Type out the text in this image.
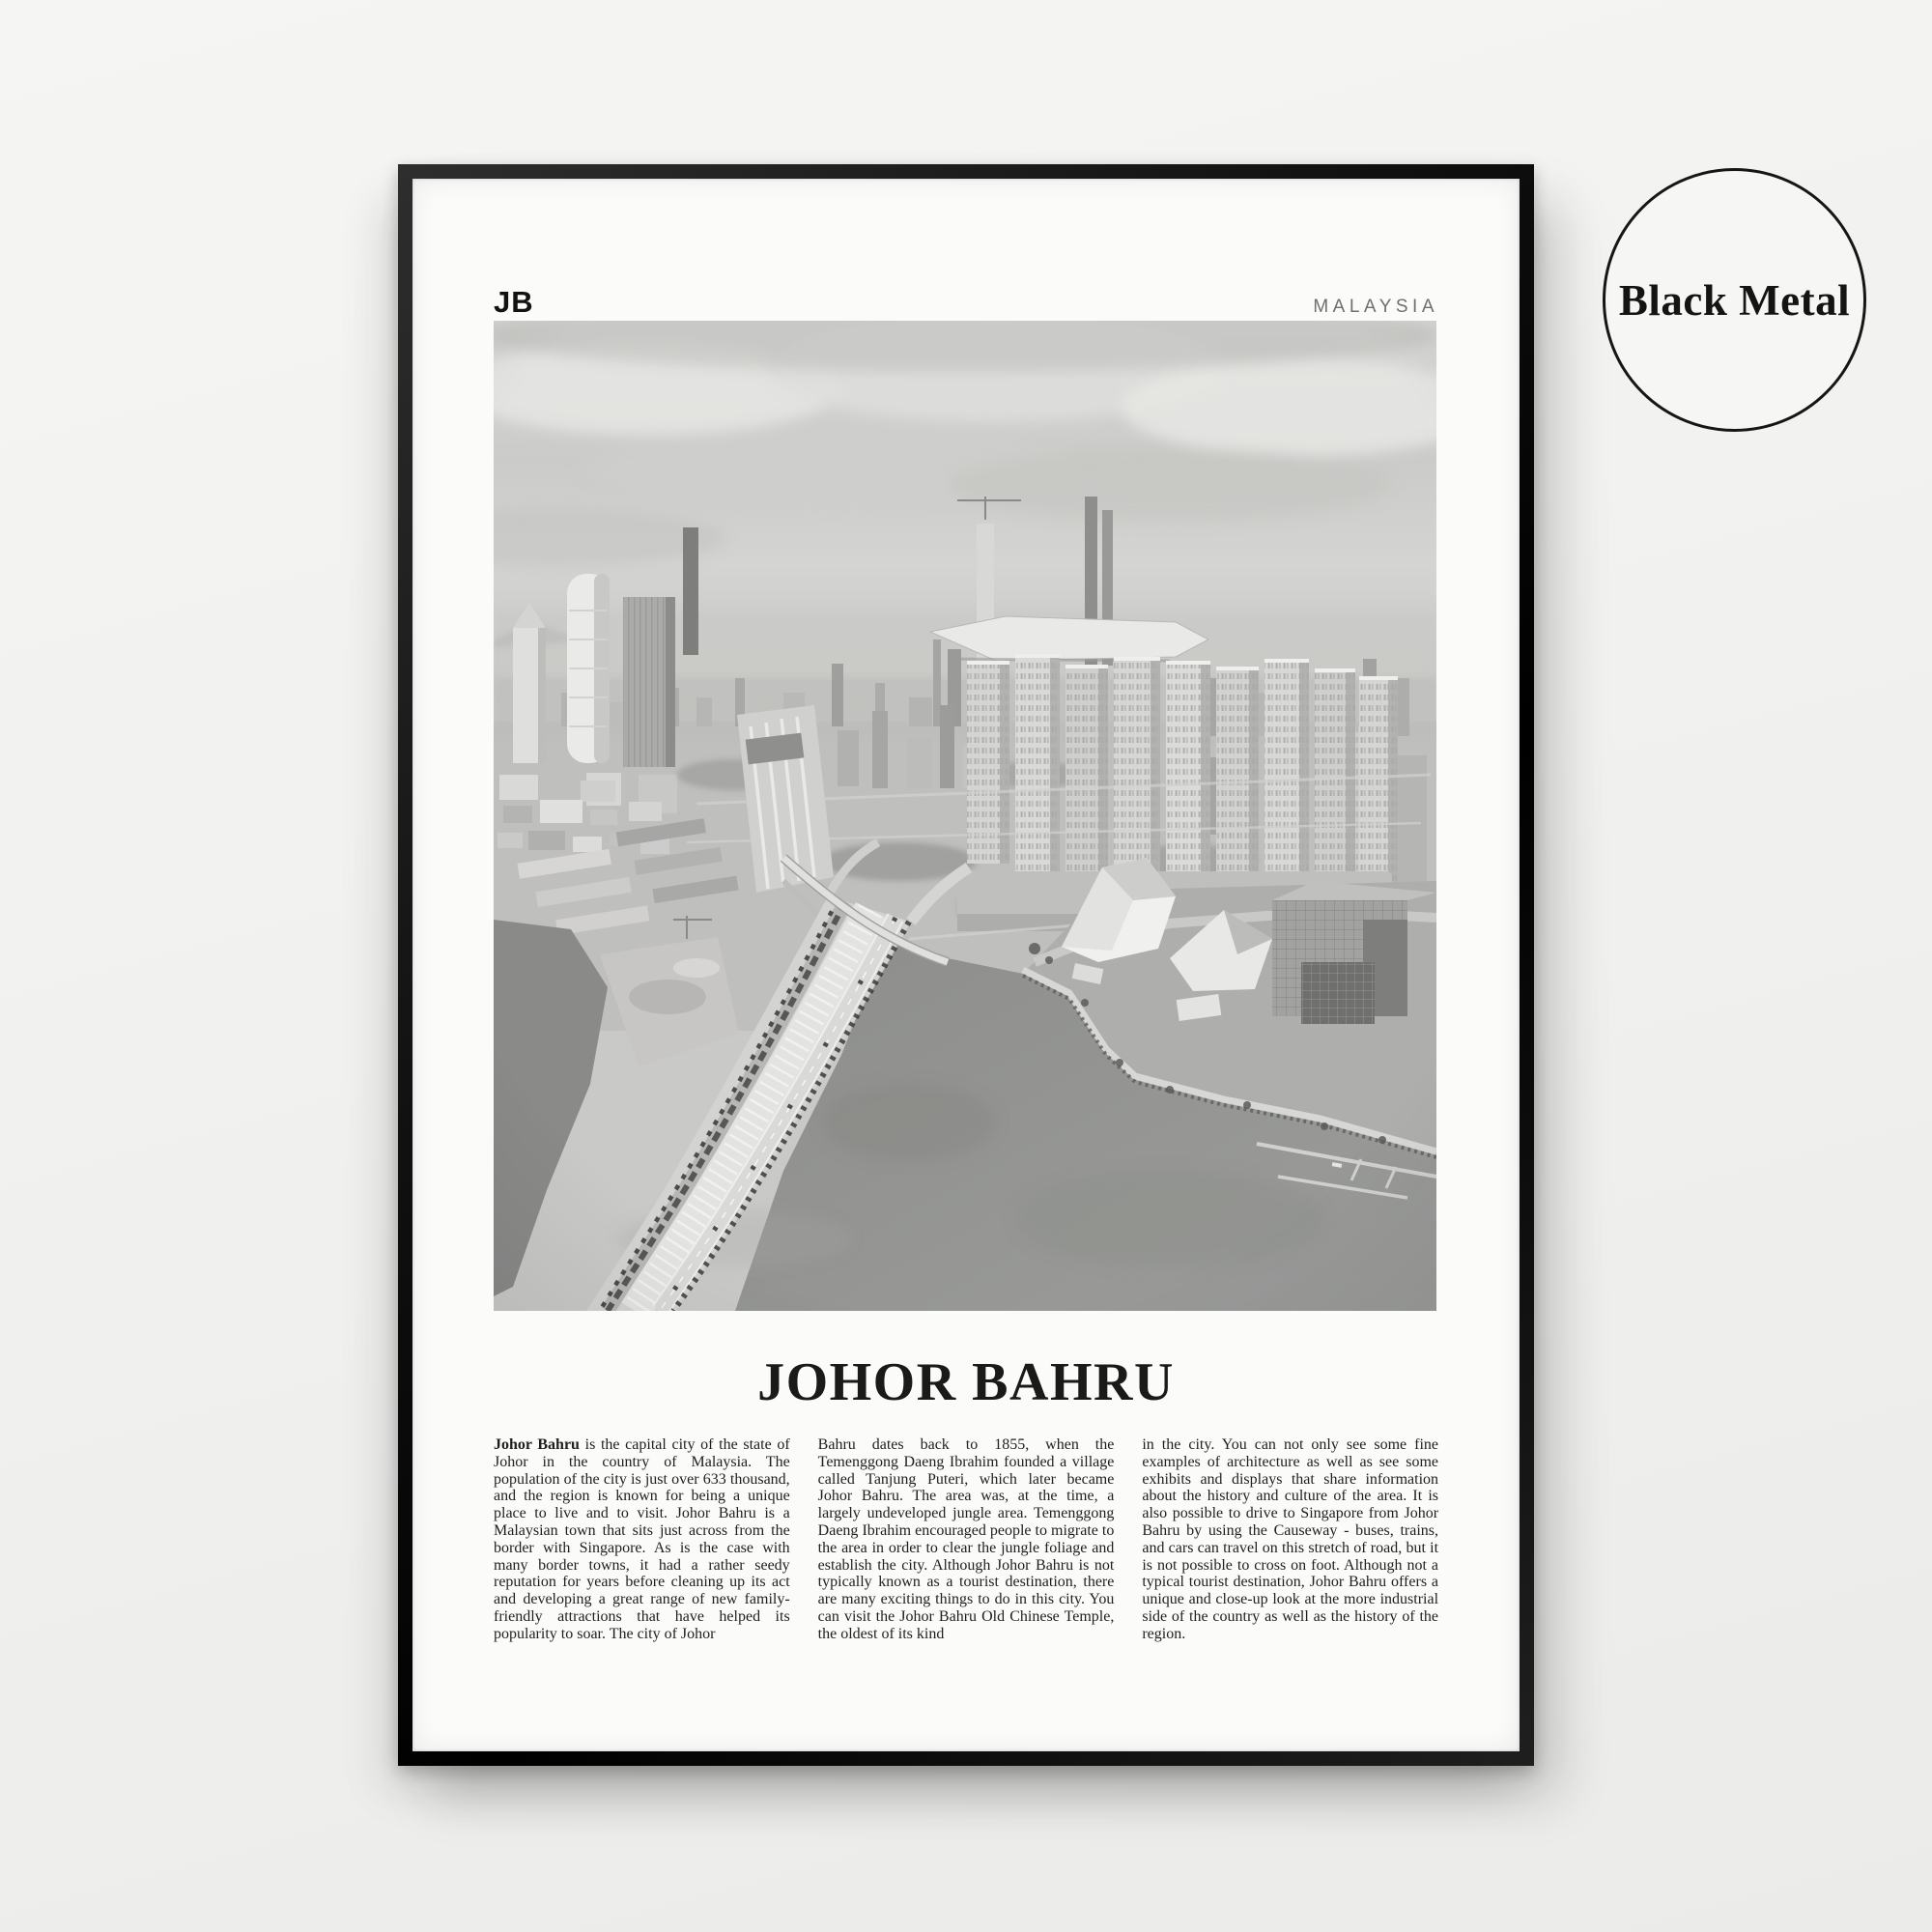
Black Metal
JB	MALAYSIA
JOHOR BAHRU

Johor Bahru is the capital city of the state of Johor in the country of Malaysia. The population of the city is just over 633 thousand, and the region is known for being a unique place to live and to visit. Johor Bahru is a Malaysian town that sits just across from the border with Singapore. As is the case with many border towns, it had a rather seedy reputation for years before cleaning up its act and developing a great range of new family-friendly attractions that have helped its popularity to soar. The city of Johor

Bahru dates back to 1855, when the Temenggong Daeng Ibrahim founded a village called Tanjung Puteri, which later became Johor Bahru. The area was, at the time, a largely undeveloped jungle area. Temenggong Daeng Ibrahim encouraged people to migrate to the area in order to clear the jungle foliage and establish the city. Although Johor Bahru is not typically known as a tourist destination, there are many exciting things to do in this city. You can visit the Johor Bahru Old Chinese Temple, the oldest of its kind

in the city. You can not only see some fine examples of architecture as well as see some exhibits and displays that share information about the history and culture of the area. It is also possible to drive to Singapore from Johor Bahru by using the Causeway - buses, trains, and cars can travel on this stretch of road, but it is not possible to cross on foot. Although not a typical tourist destination, Johor Bahru offers a unique and close-up look at the more industrial side of the country as well as the history of the region.
